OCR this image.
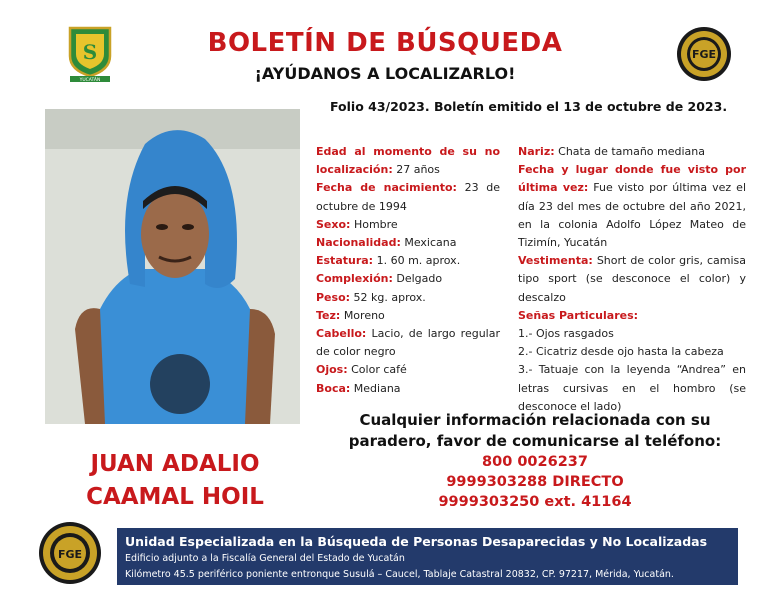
S
YUCATÁN
BOLETÍN DE BÚSQUEDA
¡AYÚDANOS A LOCALIZARLO!
FGE
Folio 43/2023. Boletín emitido el 13 de octubre de 2023.
Edad al momento de su no localización: 27 años
Fecha de nacimiento: 23 de octubre de 1994
Sexo: Hombre
Nacionalidad: Mexicana
Estatura: 1. 60 m. aprox.
Complexión: Delgado
Peso: 52 kg. aprox.
Tez: Moreno
Cabello: Lacio, de largo regular de color negro
Ojos: Color café
Boca: Mediana
Nariz: Chata de tamaño mediana
Fecha y lugar donde fue visto por última vez: Fue visto por última vez el día 23 del mes de octubre del año 2021, en la colonia Adolfo López Mateo de Tizimín, Yucatán
Vestimenta: Short de color gris, camisa tipo sport (se desconoce el color) y descalzo
Señas Particulares:
1.- Ojos rasgados
2.- Cicatriz desde ojo hasta la cabeza
3.- Tatuaje con la leyenda “Andrea” en letras cursivas en el hombro (se desconoce el lado)
JUAN ADALIO
CAAMAL HOIL
Cualquier información relacionada con su
paradero, favor de comunicarse al teléfono:
800 0026237
9999303288 DIRECTO
9999303250 ext. 41164
FGE
Unidad Especializada en la Búsqueda de Personas Desaparecidas y No Localizadas
Edificio adjunto a la Fiscalía General del Estado de Yucatán
Kilómetro 45.5 periférico poniente entronque Susulá – Caucel, Tablaje Catastral 20832, CP. 97217, Mérida, Yucatán.
